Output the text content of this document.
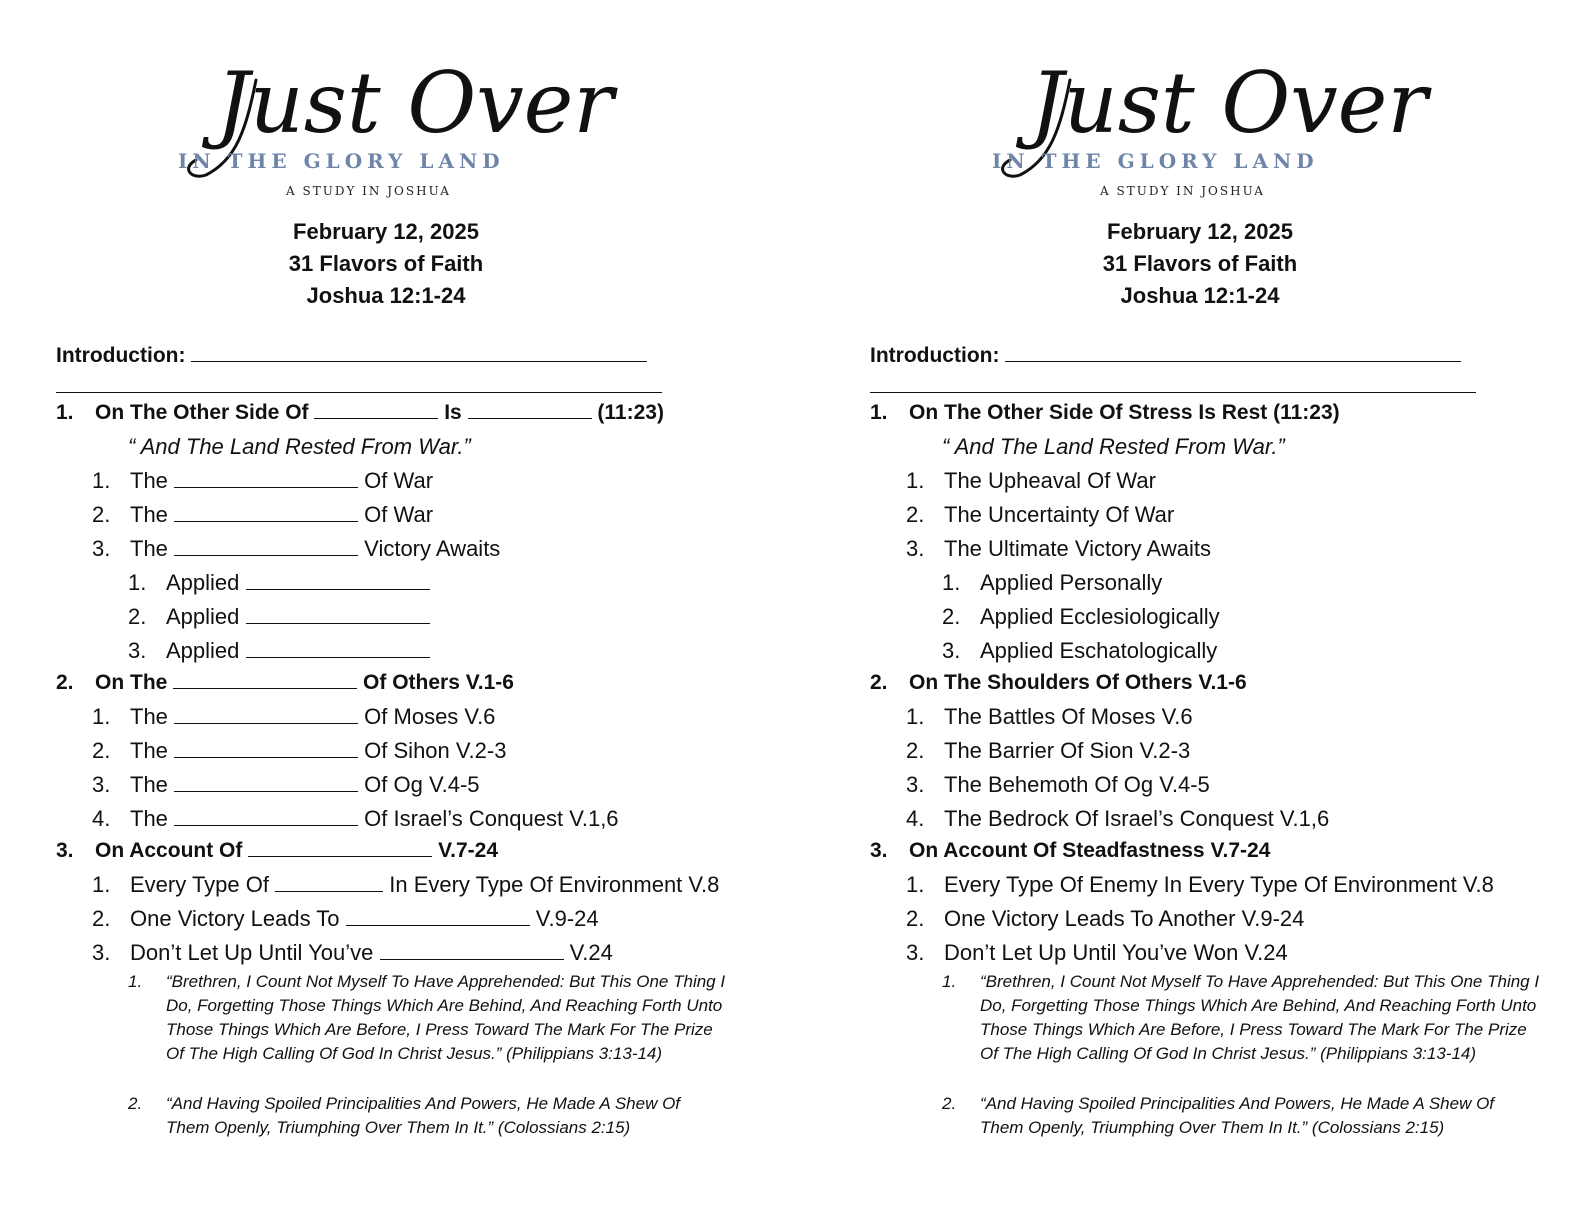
Just Over
IN THE GLORY LAND
A STUDY IN JOSHUA
February 12, 2025
31 Flavors of Faith
Joshua 12:1-24
Introduction:
1.	On The Other Side Of	Is	(11:23)
“ And The Land Rested From War.”
1. The	Of War
2. The	Of War
3. The	Victory Awaits
1. Applied
2. Applied
3. Applied
2.	On The	Of Others V.1-6
1. The	Of Moses V.6
2. The	Of Sihon V.2-3
3. The	Of Og V.4-5
4. The	Of Israel’s Conquest V.1,6
3.	On Account Of	V.7-24
1. Every Type Of	In Every Type Of Environment V.8
2. One Victory Leads To	V.9-24
3. Don’t Let Up Until You’ve	V.24
1.	“Brethren, I Count Not Myself To Have Apprehended: But This One Thing I Do, Forgetting Those Things Which Are Behind, And Reaching Forth Unto Those Things Which Are Before, I Press Toward The Mark For The Prize Of The High Calling Of God In Christ Jesus.” (Philippians 3:13-14)
2.	“And Having Spoiled Principalities And Powers, He Made A Shew Of Them Openly, Triumphing Over Them In It.” (Colossians 2:15)
Just Over
IN THE GLORY LAND
A STUDY IN JOSHUA
February 12, 2025
31 Flavors of Faith
Joshua 12:1-24
Introduction:
1.	On The Other Side Of Stress Is Rest (11:23)
“ And The Land Rested From War.”
1. The Upheaval Of War
2. The Uncertainty Of War
3. The Ultimate Victory Awaits
1. Applied Personally
2. Applied Ecclesiologically
3. Applied Eschatologically
2.	On The Shoulders Of Others V.1-6
1. The Battles Of Moses V.6
2. The Barrier Of Sion V.2-3
3. The Behemoth Of Og V.4-5
4. The Bedrock Of Israel’s Conquest V.1,6
3.	On Account Of Steadfastness V.7-24
1. Every Type Of Enemy In Every Type Of Environment V.8
2. One Victory Leads To Another V.9-24
3. Don’t Let Up Until You’ve Won V.24
1.	“Brethren, I Count Not Myself To Have Apprehended: But This One Thing I Do, Forgetting Those Things Which Are Behind, And Reaching Forth Unto Those Things Which Are Before, I Press Toward The Mark For The Prize Of The High Calling Of God In Christ Jesus.” (Philippians 3:13-14)
2.	“And Having Spoiled Principalities And Powers, He Made A Shew Of Them Openly, Triumphing Over Them In It.” (Colossians 2:15)
